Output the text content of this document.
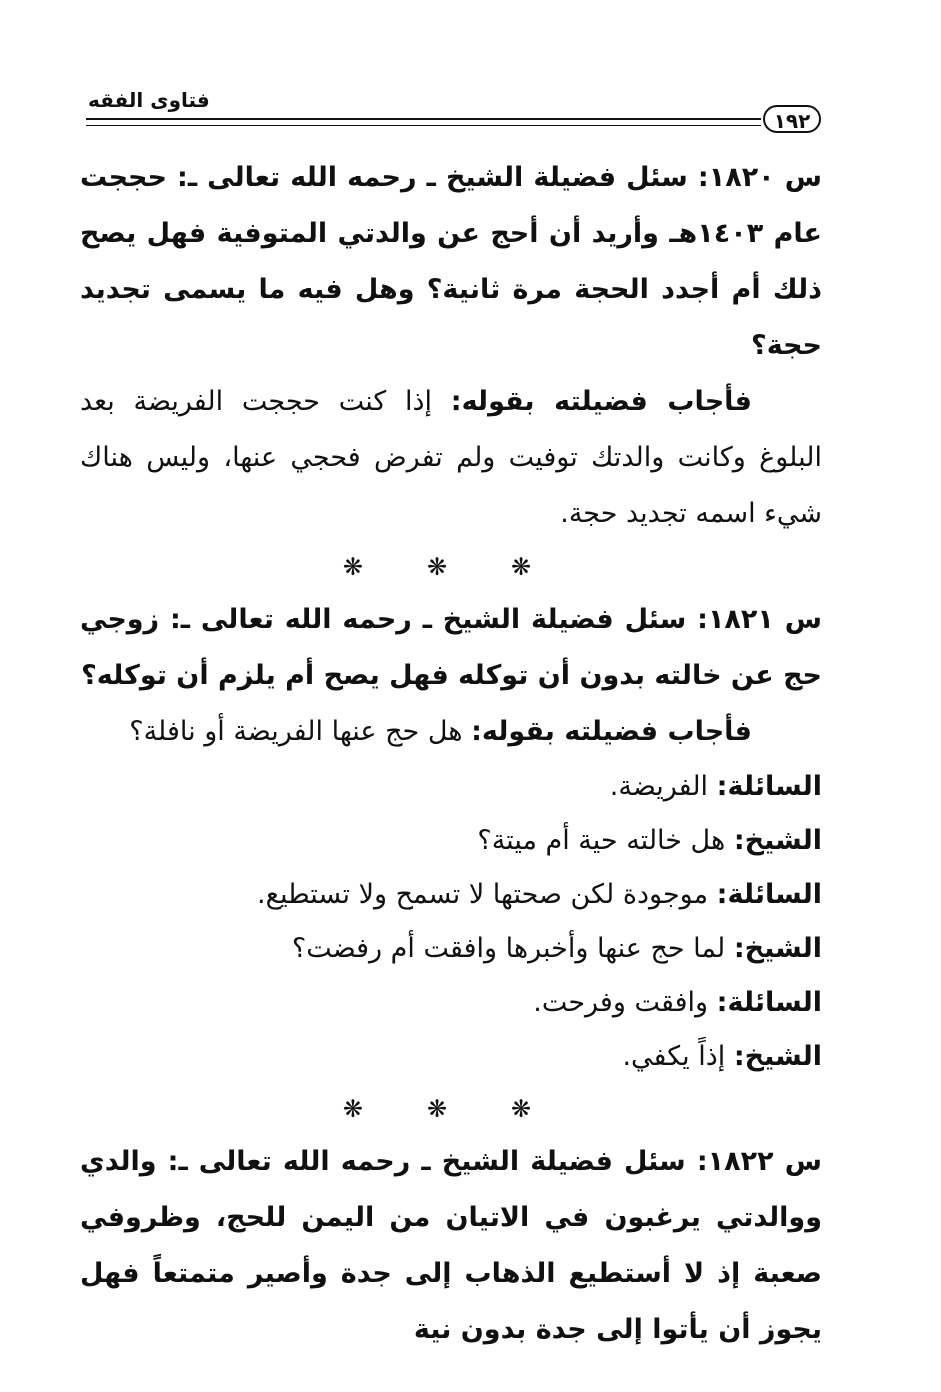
فتاوى الفقه
١٩٢

س ١٨٢٠: سئل فضيلة الشيخ ـ رحمه الله تعالى ـ: حججت عام ١٤٠٣هـ وأريد أن أحج عن والدتي المتوفية فهل يصح ذلك أم أجدد الحجة مرة ثانية؟ وهل فيه ما يسمى تجديد حجة؟

فأجاب فضيلته بقوله: إذا كنت حججت الفريضة بعد البلوغ وكانت والدتك توفيت ولم تفرض فحجي عنها، وليس هناك شيء اسمه تجديد حجة.

❋ ❋ ❋

س ١٨٢١: سئل فضيلة الشيخ ـ رحمه الله تعالى ـ: زوجي حج عن خالته بدون أن توكله فهل يصح أم يلزم أن توكله؟

فأجاب فضيلته بقوله: هل حج عنها الفريضة أو نافلة؟

السائلة: الفريضة.

الشيخ: هل خالته حية أم ميتة؟

السائلة: موجودة لكن صحتها لا تسمح ولا تستطيع.

الشيخ: لما حج عنها وأخبرها وافقت أم رفضت؟

السائلة: وافقت وفرحت.

الشيخ: إذاً يكفي.

❋ ❋ ❋

س ١٨٢٢: سئل فضيلة الشيخ ـ رحمه الله تعالى ـ: والدي ووالدتي يرغبون في الاتيان من اليمن للحج، وظروفي صعبة إذ لا أستطيع الذهاب إلى جدة وأصير متمتعاً فهل يجوز أن يأتوا إلى جدة بدون نية
